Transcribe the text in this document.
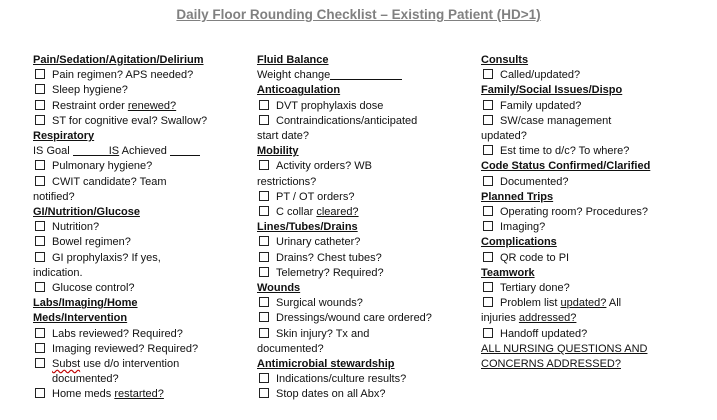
Daily Floor Rounding Checklist – Existing Patient (HD>1)
Pain/Sedation/Agitation/Delirium
Pain regimen? APS needed?
Sleep hygiene?
Restraint order renewed?
ST for cognitive eval? Swallow?
Respiratory
IS Goal	IS Achieved
Pulmonary hygiene?
CWIT candidate? Team
notified?
GI/Nutrition/Glucose
Nutrition?
Bowel regimen?
GI prophylaxis? If yes,
indication.
Glucose control?
Labs/Imaging/Home
Meds/Intervention
Labs reviewed? Required?
Imaging reviewed? Required?
Subst use d/o intervention
documented?
Home meds restarted?
Fluid Balance
Weight change
Anticoagulation
DVT prophylaxis dose
Contraindications/anticipated
start date?
Mobility
Activity orders? WB
restrictions?
PT / OT orders?
C collar cleared?
Lines/Tubes/Drains
Urinary catheter?
Drains? Chest tubes?
Telemetry? Required?
Wounds
Surgical wounds?
Dressings/wound care ordered?
Skin injury? Tx and
documented?
Antimicrobial stewardship
Indications/culture results?
Stop dates on all Abx?
Consults
Called/updated?
Family/Social Issues/Dispo
Family updated?
SW/case management
updated?
Est time to d/c? To where?
Code Status Confirmed/Clarified
Documented?
Planned Trips
Operating room? Procedures?
Imaging?
Complications
QR code to PI
Teamwork
Tertiary done?
Problem list updated? All
injuries addressed?
Handoff updated?
ALL NURSING QUESTIONS AND
CONCERNS ADDRESSED?
